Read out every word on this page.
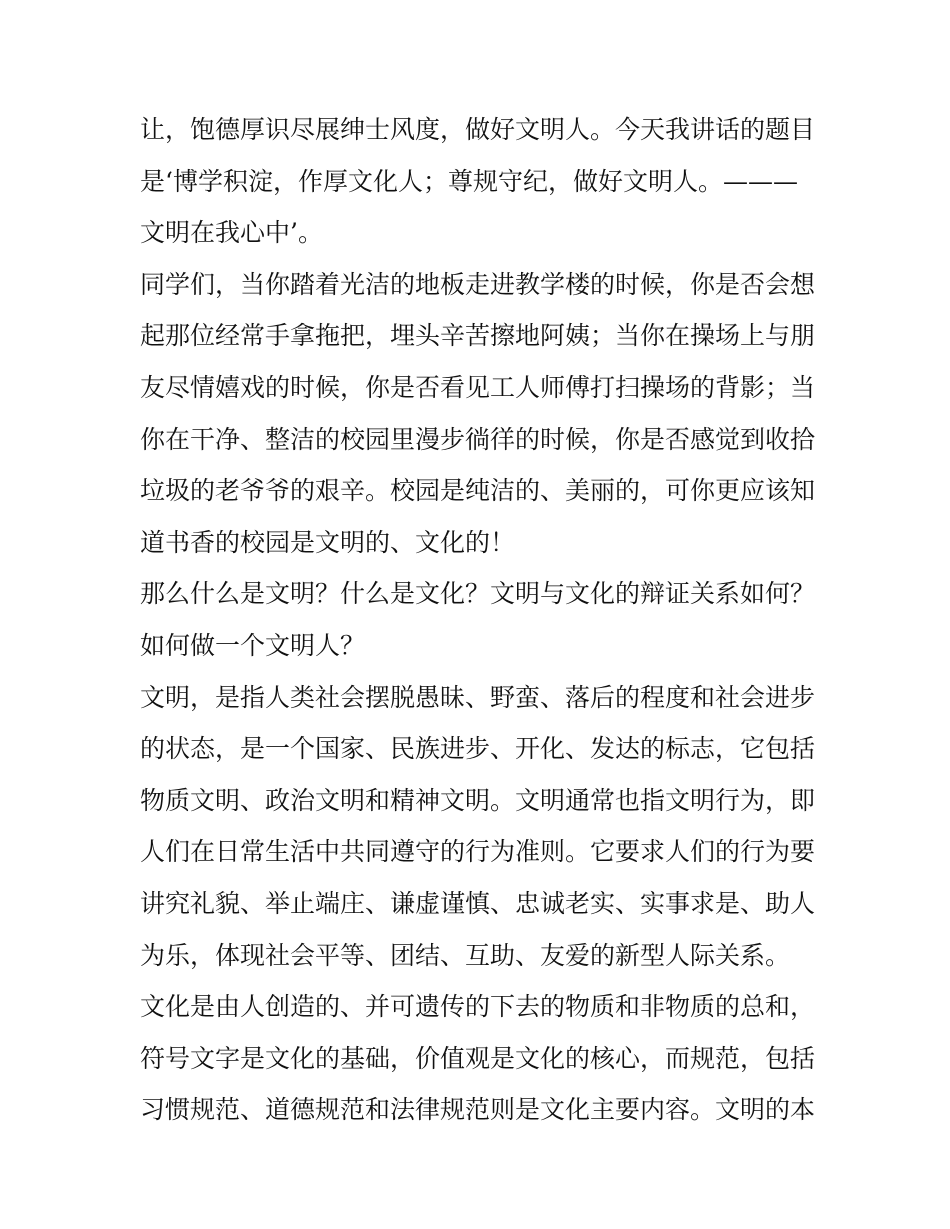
让，饱德厚识尽展绅士风度，做好文明人。今天我讲话的题目
是‘博学积淀，作厚文化人；尊规守纪，做好文明人。———
文明在我心中’。
同学们，当你踏着光洁的地板走进教学楼的时候，你是否会想
起那位经常手拿拖把，埋头辛苦擦地阿姨；当你在操场上与朋
友尽情嬉戏的时候，你是否看见工人师傅打扫操场的背影；当
你在干净、整洁的校园里漫步徜徉的时候，你是否感觉到收拾
垃圾的老爷爷的艰辛。校园是纯洁的、美丽的，可你更应该知
道书香的校园是文明的、文化的！
那么什么是文明？什么是文化？文明与文化的辩证关系如何？
如何做一个文明人？
文明，是指人类社会摆脱愚昧、野蛮、落后的程度和社会进步
的状态，是一个国家、民族进步、开化、发达的标志，它包括
物质文明、政治文明和精神文明。文明通常也指文明行为，即
人们在日常生活中共同遵守的行为准则。它要求人们的行为要
讲究礼貌、举止端庄、谦虚谨慎、忠诚老实、实事求是、助人
为乐，体现社会平等、团结、互助、友爱的新型人际关系。
文化是由人创造的、并可遗传的下去的物质和非物质的总和，
符号文字是文化的基础，价值观是文化的核心，而规范，包括
习惯规范、道德规范和法律规范则是文化主要内容。文明的本
